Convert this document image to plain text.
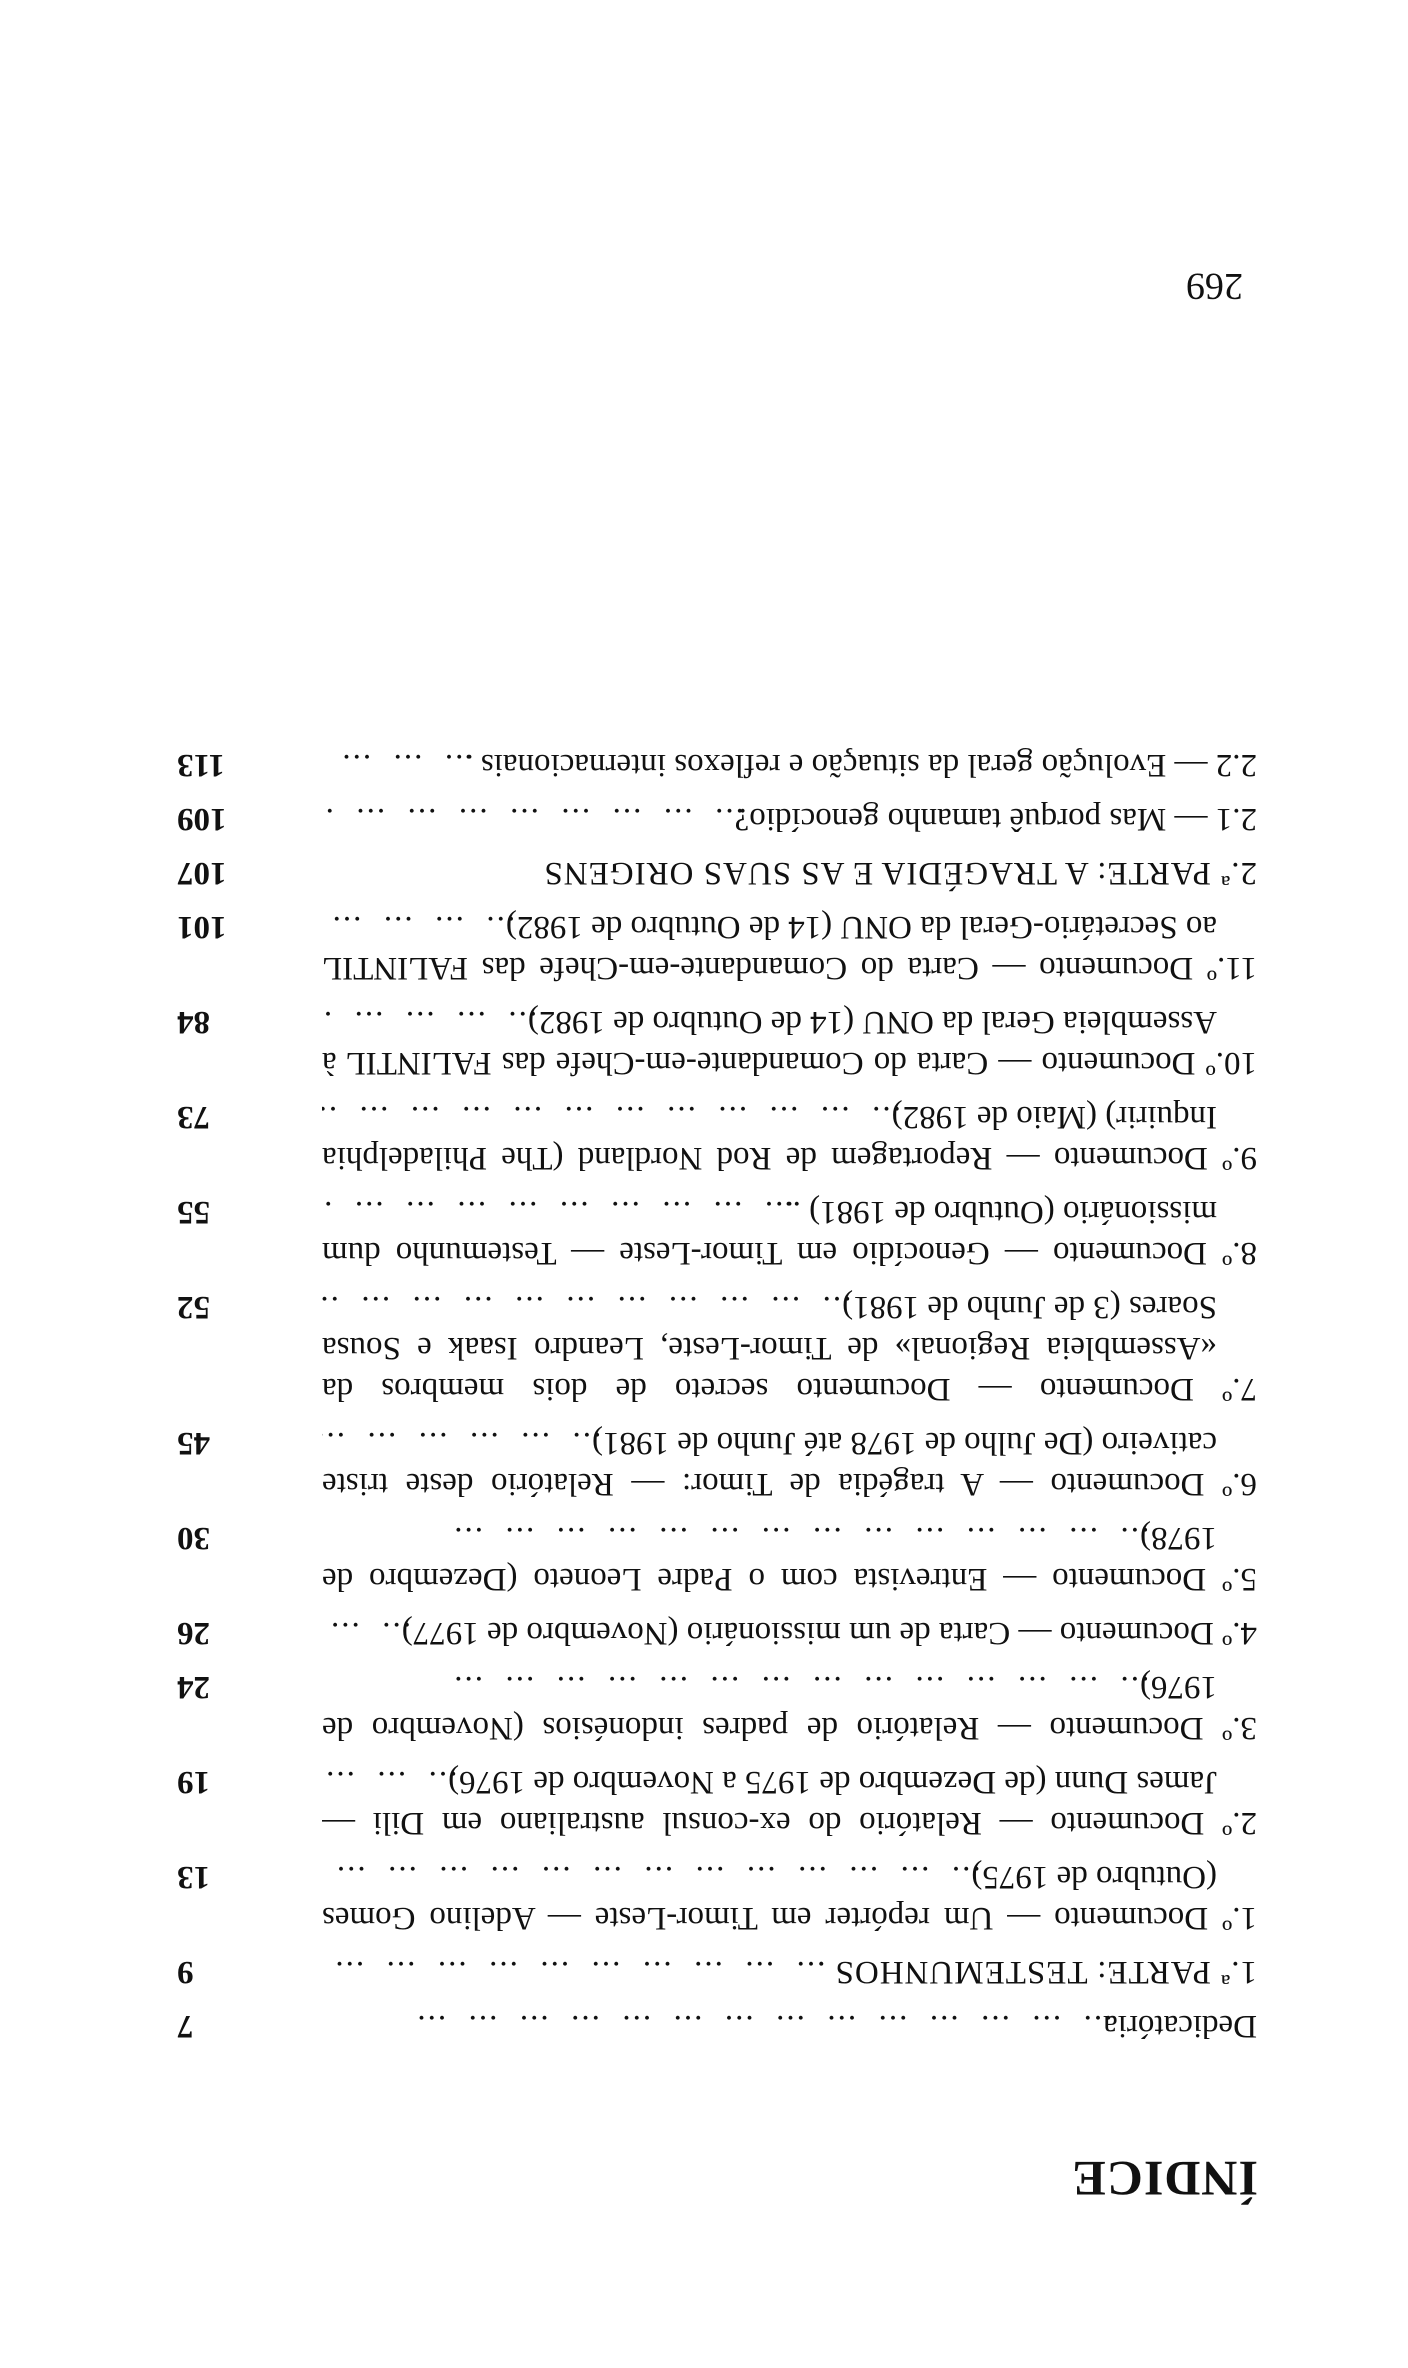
ÍNDICE
Dedicatória ...
7
1.ª PARTE: TESTEMUNHOS . ...
9
1.º Documento — Um repórter em Timor-Leste — Adelino Gomes (Outubro de 1975) ...
13
2.º Documento — Relatório do ex-consul australiano em Dili — James Dunn (de Dezembro de 1975 a Novembro de 1976) ...
19
3.º Documento — Relatório de padres indonésios (Novembro de 1976) ...
24
4.º Documento — Carta de um missionário (Novembro de 1977) ...
26
5.º Documento — Entrevista com o Padre Leoneto (Dezembro de 1978) ...
30
6.º Documento — A tragédia de Timor: — Relatório deste triste cativeiro (De Julho de 1978 até Junho de 1981) ...
45
7.º Documento — Documento secreto de dois membros da «Assembleia Regional» de Timor-Leste, Leandro Isaak e Sousa Soares (3 de Junho de 1981) ...
52
8.º Documento — Genocídio em Timor-Leste — Testemunho dum missionário (Outubro de 1981) .. ...
55
9.º Documento — Reportagem de Rod Nordland (The Philadelphia Inquirir) (Maio de 1982) ...
73
10.º Documento — Carta do Comandante-em-Chefe das FALINTIL à Assembleia Geral da ONU (14 de Outubro de 1982) ...
84
11.º Documento — Carta do Comandante-em-Chefe das FALINTIL ao Secretário-Geral da ONU (14 de Outubro de 1982) ...
101
2.ª PARTE: A TRAGÉDIA E AS SUAS ORIGENS
107
2.1 — Mas porquê tamanho genocídio? ...
109
2.2 — Evolução geral da situação e reflexos internacionais . ...
113
269
